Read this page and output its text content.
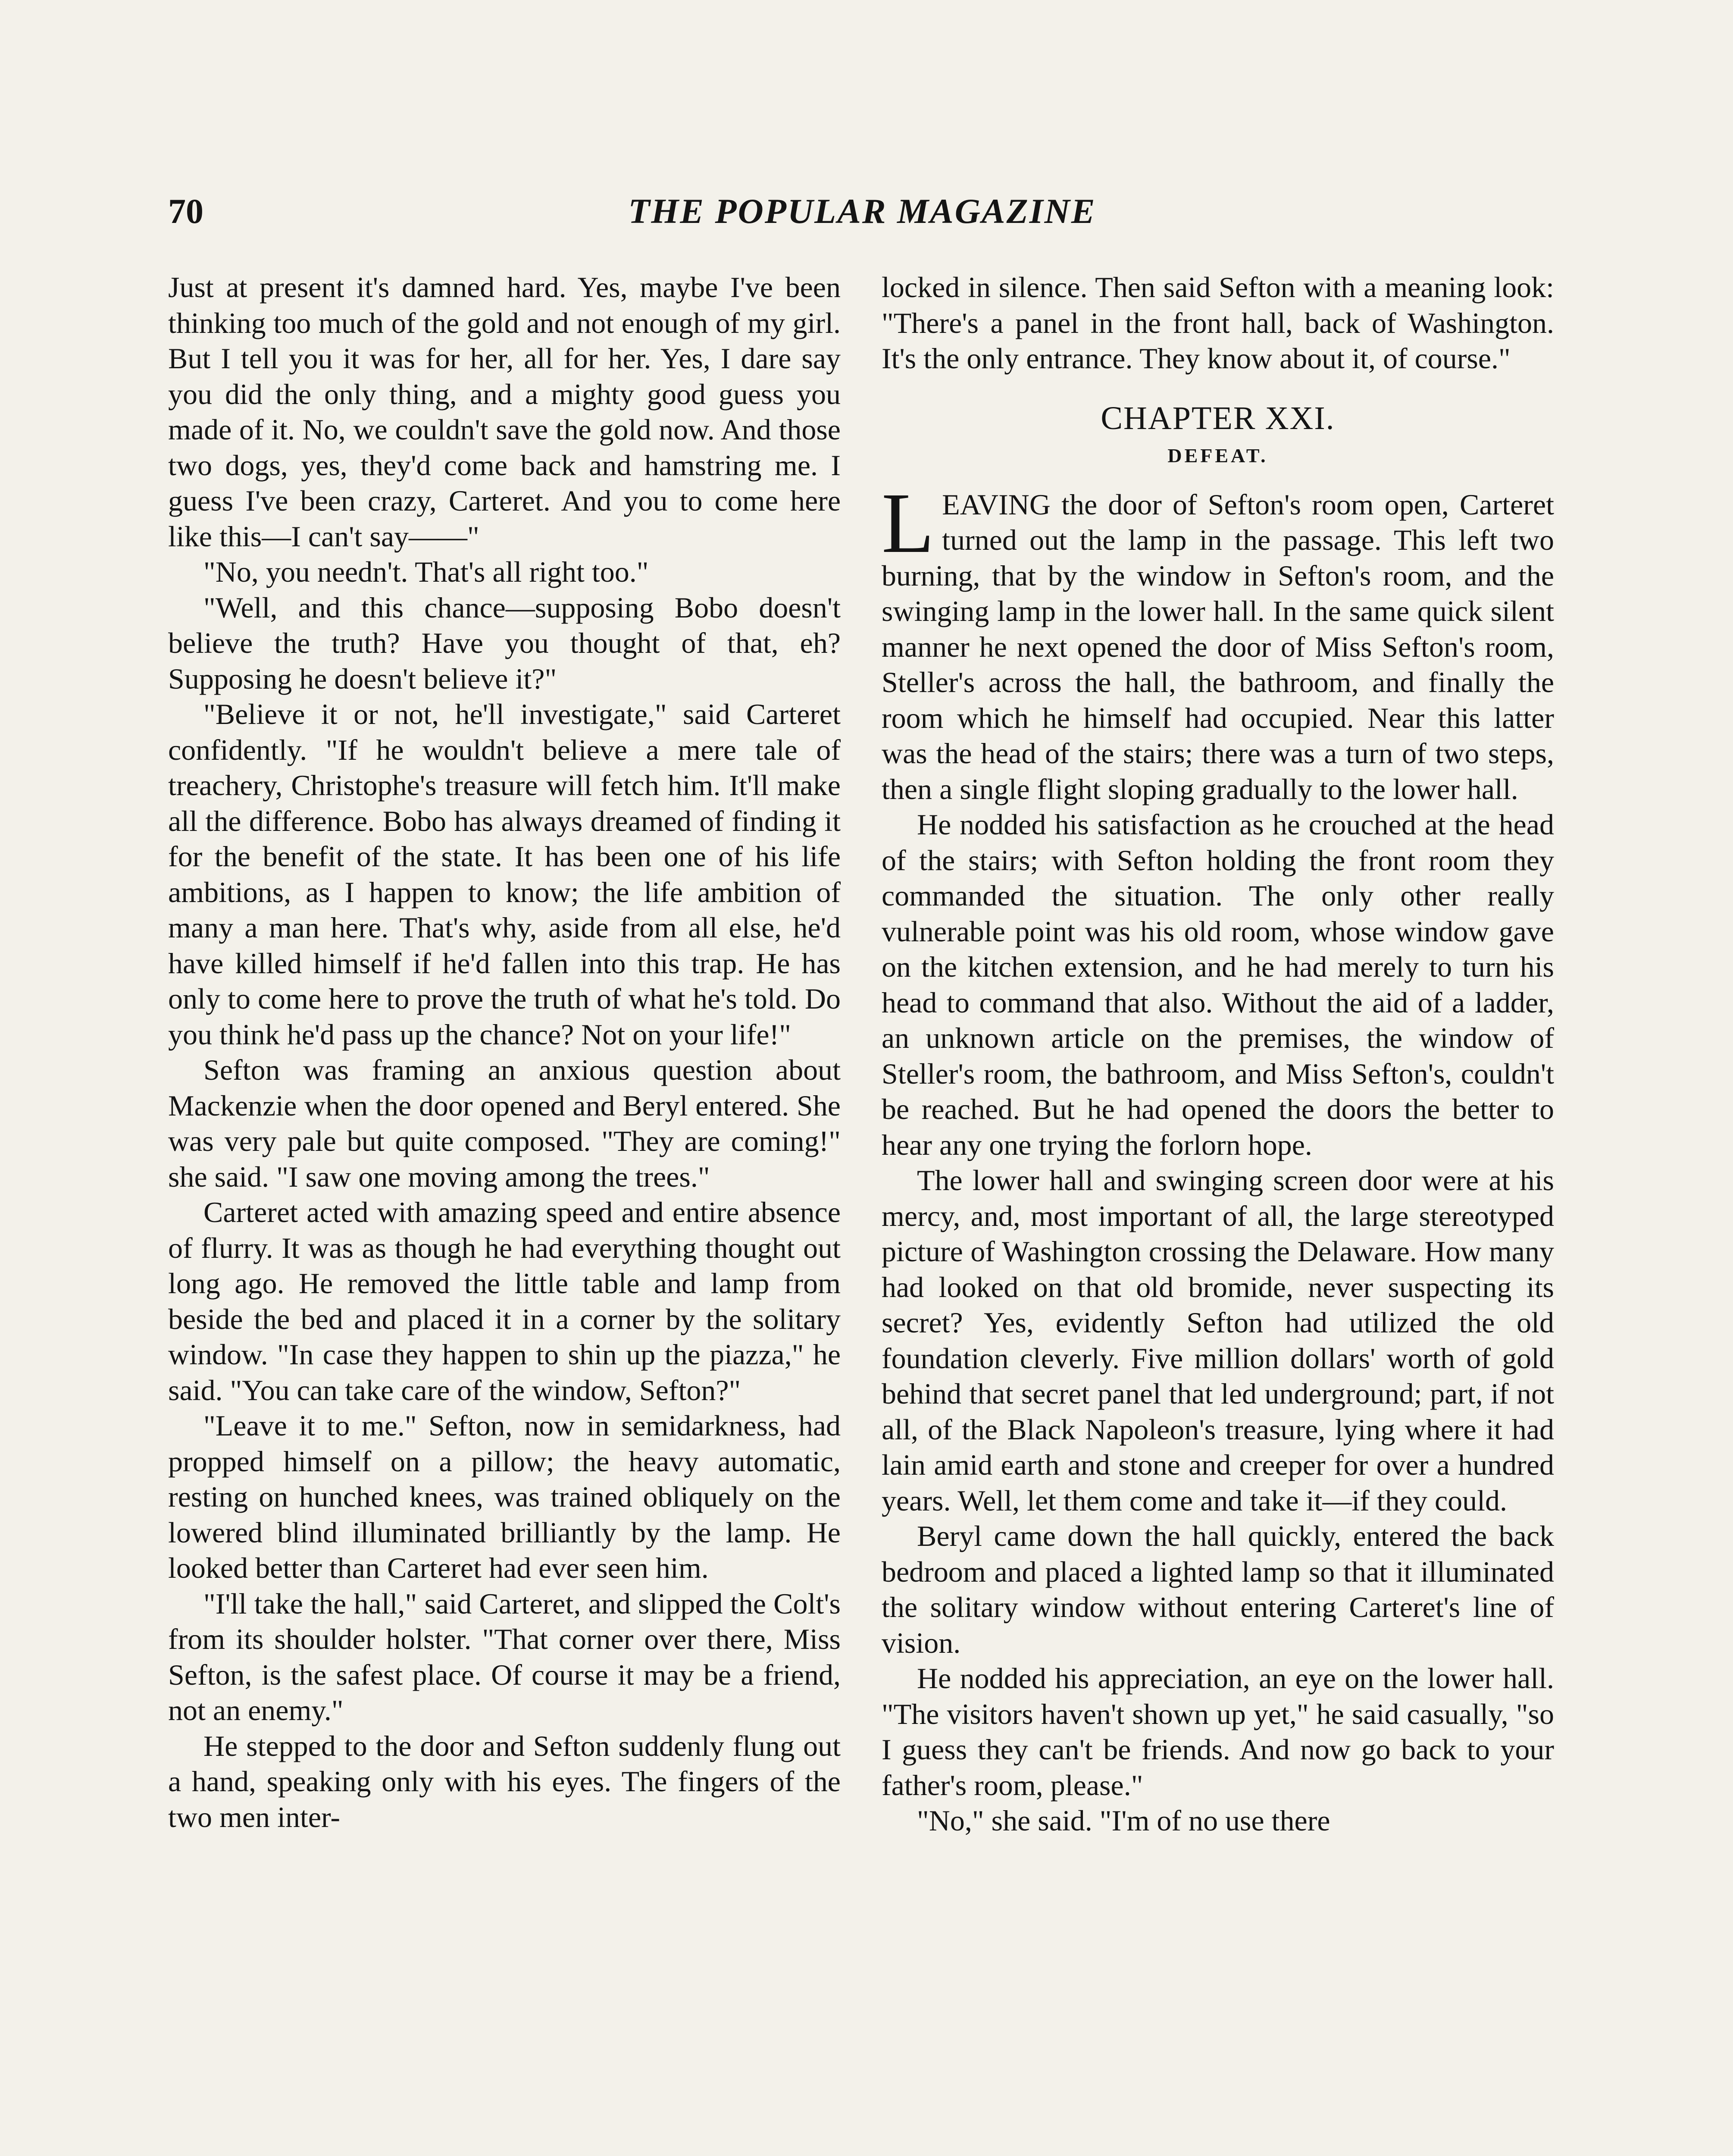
70	THE POPULAR MAGAZINE

Just at present it's damned hard. Yes, maybe I've been thinking too much of the gold and not enough of my girl. But I tell you it was for her, all for her. Yes, I dare say you did the only thing, and a mighty good guess you made of it. No, we couldn't save the gold now. And those two dogs, yes, they'd come back and hamstring me. I guess I've been crazy, Carteret. And you to come here like this—I can't say——"

"No, you needn't. That's all right too."

"Well, and this chance—supposing Bobo doesn't believe the truth? Have you thought of that, eh? Supposing he doesn't believe it?"

"Believe it or not, he'll investigate," said Carteret confidently. "If he wouldn't believe a mere tale of treachery, Christophe's treasure will fetch him. It'll make all the difference. Bobo has always dreamed of finding it for the benefit of the state. It has been one of his life ambitions, as I happen to know; the life ambition of many a man here. That's why, aside from all else, he'd have killed himself if he'd fallen into this trap. He has only to come here to prove the truth of what he's told. Do you think he'd pass up the chance? Not on your life!"

Sefton was framing an anxious question about Mackenzie when the door opened and Beryl entered. She was very pale but quite composed. "They are coming!" she said. "I saw one moving among the trees."

Carteret acted with amazing speed and entire absence of flurry. It was as though he had everything thought out long ago. He removed the little table and lamp from beside the bed and placed it in a corner by the solitary window. "In case they happen to shin up the piazza," he said. "You can take care of the window, Sefton?"

"Leave it to me." Sefton, now in semidarkness, had propped himself on a pillow; the heavy automatic, resting on hunched knees, was trained obliquely on the lowered blind illuminated brilliantly by the lamp. He looked better than Carteret had ever seen him.

"I'll take the hall," said Carteret, and slipped the Colt's from its shoulder holster. "That corner over there, Miss Sefton, is the safest place. Of course it may be a friend, not an enemy."

He stepped to the door and Sefton suddenly flung out a hand, speaking only with his eyes. The fingers of the two men inter-

locked in silence. Then said Sefton with a meaning look: "There's a panel in the front hall, back of Washington. It's the only entrance. They know about it, of course."

CHAPTER XXI.
DEFEAT.

LEAVING the door of Sefton's room open, Carteret turned out the lamp in the passage. This left two burning, that by the window in Sefton's room, and the swinging lamp in the lower hall. In the same quick silent manner he next opened the door of Miss Sefton's room, Steller's across the hall, the bathroom, and finally the room which he himself had occupied. Near this latter was the head of the stairs; there was a turn of two steps, then a single flight sloping gradually to the lower hall.

He nodded his satisfaction as he crouched at the head of the stairs; with Sefton holding the front room they commanded the situation. The only other really vulnerable point was his old room, whose window gave on the kitchen extension, and he had merely to turn his head to command that also. Without the aid of a ladder, an unknown article on the premises, the window of Steller's room, the bathroom, and Miss Sefton's, couldn't be reached. But he had opened the doors the better to hear any one trying the forlorn hope.

The lower hall and swinging screen door were at his mercy, and, most important of all, the large stereotyped picture of Washington crossing the Delaware. How many had looked on that old bromide, never suspecting its secret? Yes, evidently Sefton had utilized the old foundation cleverly. Five million dollars' worth of gold behind that secret panel that led underground; part, if not all, of the Black Napoleon's treasure, lying where it had lain amid earth and stone and creeper for over a hundred years. Well, let them come and take it—if they could.

Beryl came down the hall quickly, entered the back bedroom and placed a lighted lamp so that it illuminated the solitary window without entering Carteret's line of vision.

He nodded his appreciation, an eye on the lower hall. "The visitors haven't shown up yet," he said casually, "so I guess they can't be friends. And now go back to your father's room, please."

"No," she said. "I'm of no use there
